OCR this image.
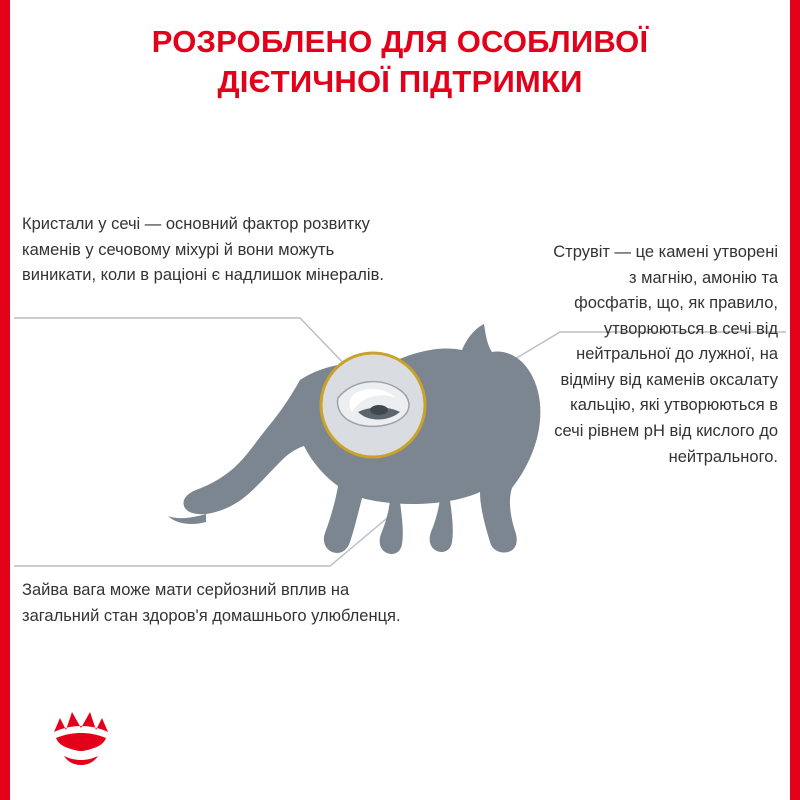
РОЗРОБЛЕНО ДЛЯ ОСОБЛИВОЇ
ДІЄТИЧНОЇ ПІДТРИМКИ
Кристали у сечі — основний фактор розвитку каменів у сечовому міхурі й вони можуть виникати, коли в раціоні є надлишок мінералів.
Струвіт — це камені утворені з магнію, амонію та фосфатів, що, як правило, утворюються в сечі від нейтральної до лужної, на відміну від каменів оксалату кальцію, які утворюються в сечі рівнем pH від кислого до нейтрального.
Зайва вага може мати серйозний вплив на загальний стан здоров'я домашнього улюбленця.
